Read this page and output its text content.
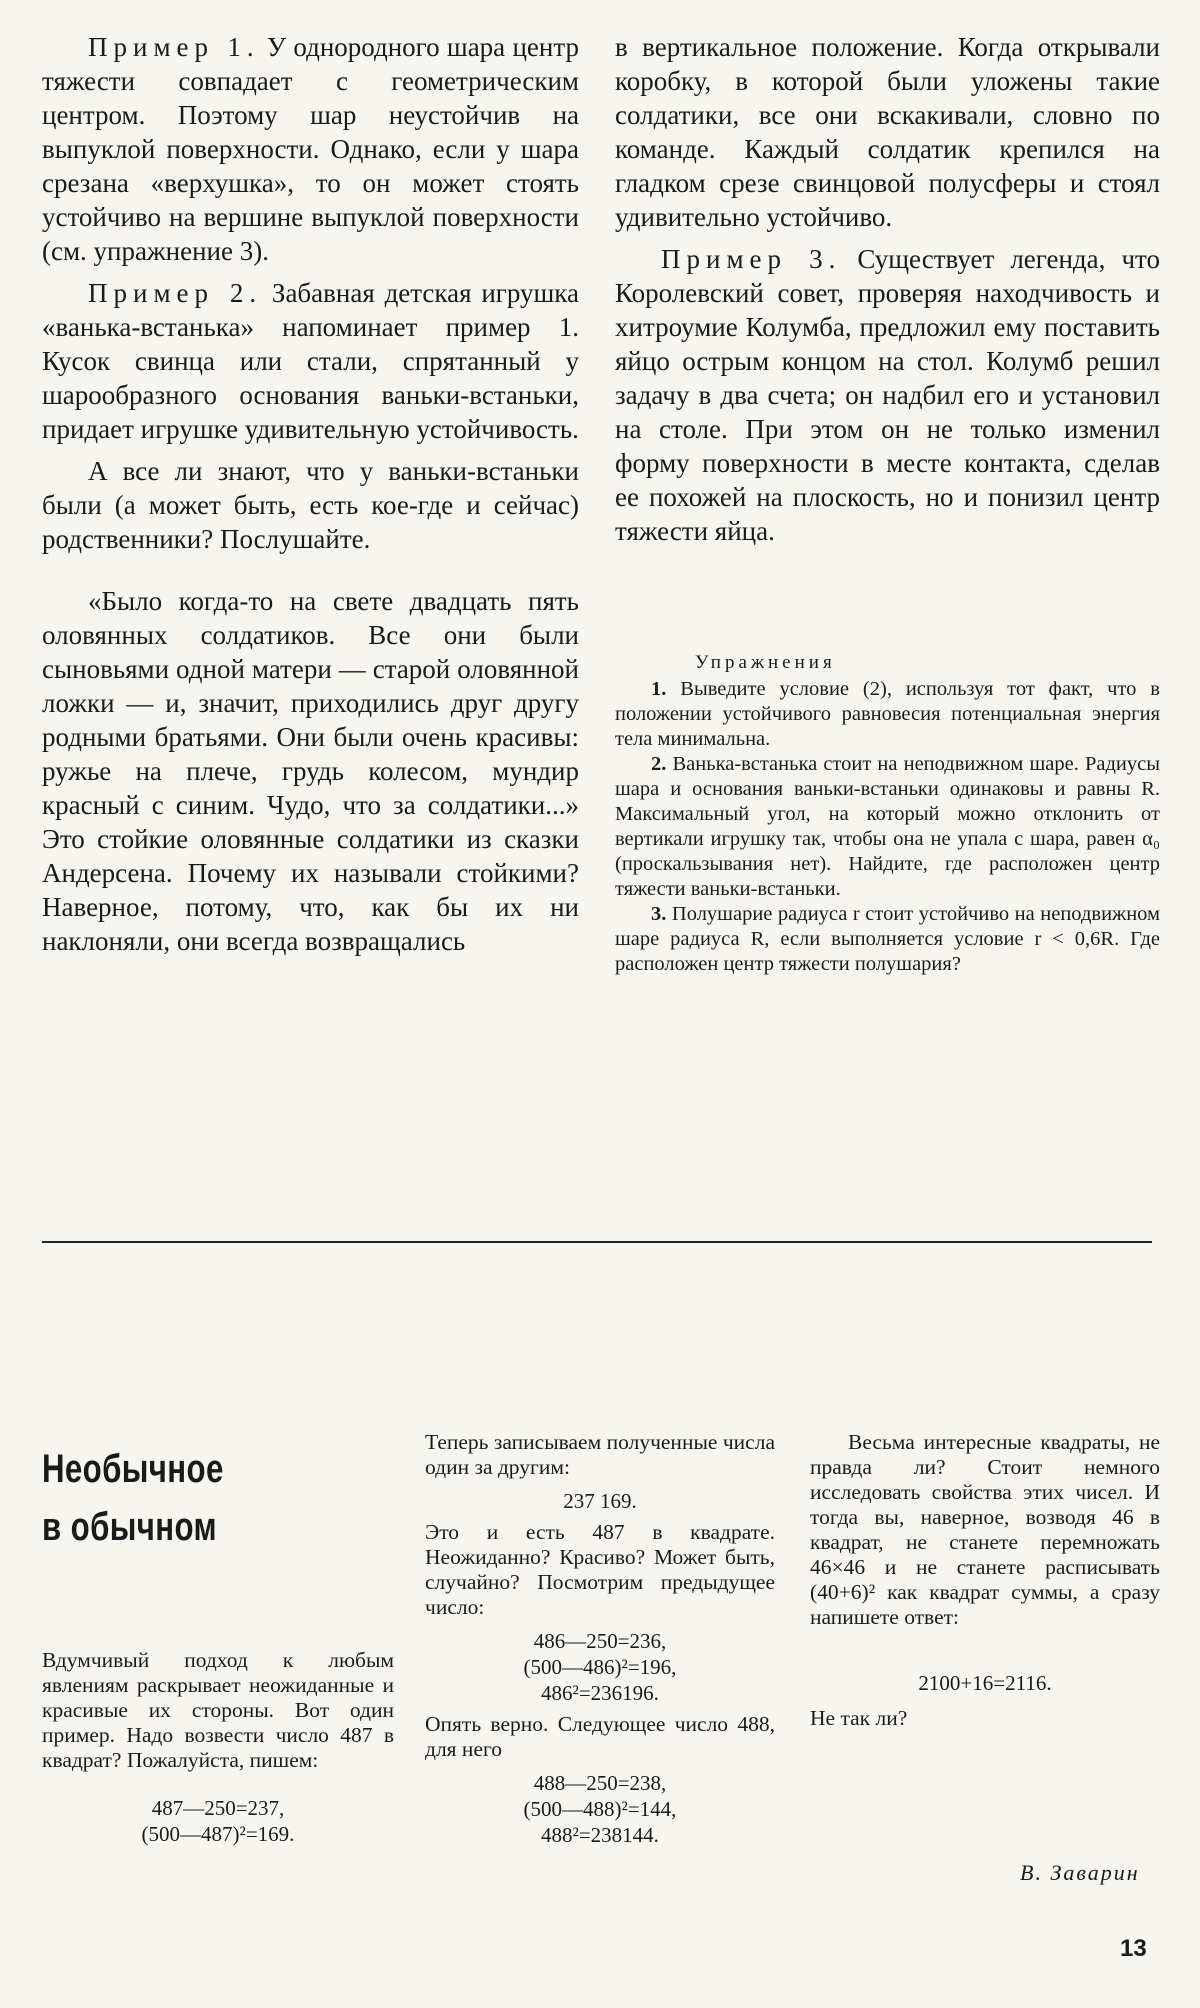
Пример 1. У однородного шара центр тяжести совпадает с геометрическим центром. Поэтому шар неустойчив на выпуклой поверхности. Однако, если у шара срезана «верхушка», то он может стоять устойчиво на вершине выпуклой поверхности (см. упражнение 3).

Пример 2. Забавная детская игрушка «ванька-встанька» напоминает пример 1. Кусок свинца или стали, спрятанный у шарообразного основания ваньки-встаньки, придает игрушке удивительную устойчивость.

А все ли знают, что у ваньки-встаньки были (а может быть, есть кое-где и сейчас) родственники? Послушайте.

«Было когда-то на свете двадцать пять оловянных солдатиков. Все они были сыновьями одной матери — старой оловянной ложки — и, значит, приходились друг другу родными братьями. Они были очень красивы: ружье на плече, грудь колесом, мундир красный с синим. Чудо, что за солдатики...» Это стойкие оловянные солдатики из сказки Андерсена. Почему их называли стойкими? Наверное, потому, что, как бы их ни наклоняли, они всегда возвращались

в вертикальное положение. Когда открывали коробку, в которой были уложены такие солдатики, все они вскакивали, словно по команде. Каждый солдатик крепился на гладком срезе свинцовой полусферы и стоял удивительно устойчиво.

Пример 3. Существует легенда, что Королевский совет, проверяя находчивость и хитроумие Колумба, предложил ему поставить яйцо острым концом на стол. Колумб решил задачу в два счета; он надбил его и установил на столе. При этом он не только изменил форму поверхности в месте контакта, сделав ее похожей на плоскость, но и понизил центр тяжести яйца.

Упражнения

1. Выведите условие (2), используя тот факт, что в положении устойчивого равновесия потенциальная энергия тела минимальна.

2. Ванька-встанька стоит на неподвижном шаре. Радиусы шара и основания ваньки-встаньки одинаковы и равны R. Максимальный угол, на который можно отклонить от вертикали игрушку так, чтобы она не упала с шара, равен α₀ (проскальзывания нет). Найдите, где расположен центр тяжести ваньки-встаньки.

3. Полушарие радиуса r стоит устойчиво на неподвижном шаре радиуса R, если выполняется условие r < 0,6R. Где расположен центр тяжести полушария?

Необычное
в обычном

Вдумчивый подход к любым явлениям раскрывает неожиданные и красивые их стороны. Вот один пример. Надо возвести число 487 в квадрат? Пожалуйста, пишем:

487—250=237,
(500—487)²=169.

Теперь записываем полученные числа один за другим:

237 169.

Это и есть 487 в квадрате. Неожиданно? Красиво? Может быть, случайно? Посмотрим предыдущее число:

486—250=236,
(500—486)²=196,
486²=236196.

Опять верно. Следующее число 488, для него

488—250=238,
(500—488)²=144,
488²=238144.

Весьма интересные квадраты, не правда ли? Стоит немного исследовать свойства этих чисел. И тогда вы, наверное, возводя 46 в квадрат, не станете перемножать 46×46 и не станете расписывать (40+6)² как квадрат суммы, а сразу напишете ответ:

2100+16=2116.

Не так ли?

В. Заварин
13
